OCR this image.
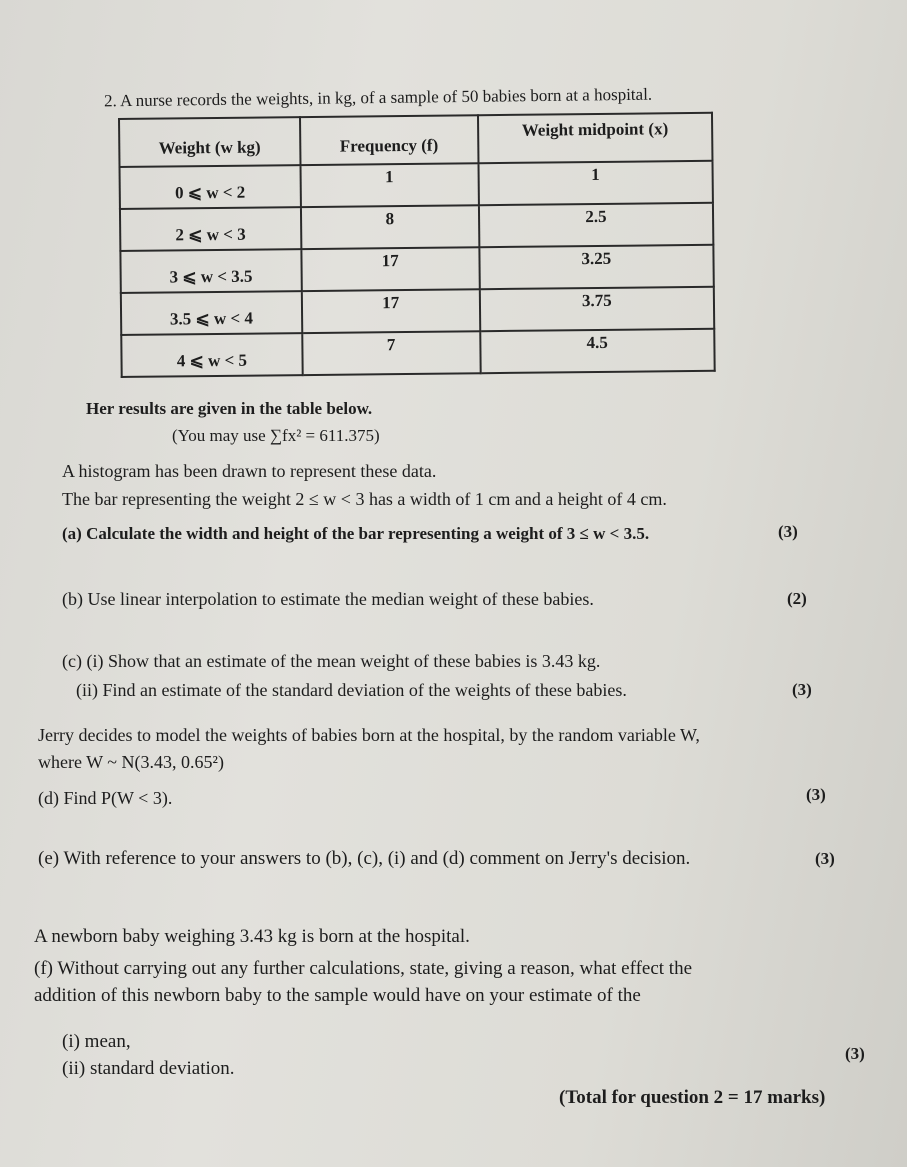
2. A nurse records the weights, in kg, of a sample of 50 babies born at a hospital.
Weight (w kg)	Frequency (f)	Weight midpoint (x)
0 ⩽ w < 2	1	1
2 ⩽ w < 3	8	2.5
3 ⩽ w < 3.5	17	3.25
3.5 ⩽ w < 4	17	3.75
4 ⩽ w < 5	7	4.5
Her results are given in the table below.
(You may use ∑fx² = 611.375)
A histogram has been drawn to represent these data.
The bar representing the weight 2 ≤ w < 3 has a width of 1 cm and a height of 4 cm.
(a) Calculate the width and height of the bar representing a weight of 3 ≤ w < 3.5.	(3)
(b) Use linear interpolation to estimate the median weight of these babies.	(2)
(c) (i) Show that an estimate of the mean weight of these babies is 3.43 kg.
(ii) Find an estimate of the standard deviation of the weights of these babies.	(3)
Jerry decides to model the weights of babies born at the hospital, by the random variable W,
where W ~ N(3.43, 0.65²)
(d) Find P(W < 3).	(3)
(e) With reference to your answers to (b), (c), (i) and (d) comment on Jerry's decision.	(3)
A newborn baby weighing 3.43 kg is born at the hospital.
(f) Without carrying out any further calculations, state, giving a reason, what effect the
addition of this newborn baby to the sample would have on your estimate of the
(i) mean,
(ii) standard deviation.
(3)
(Total for question 2 = 17 marks)
